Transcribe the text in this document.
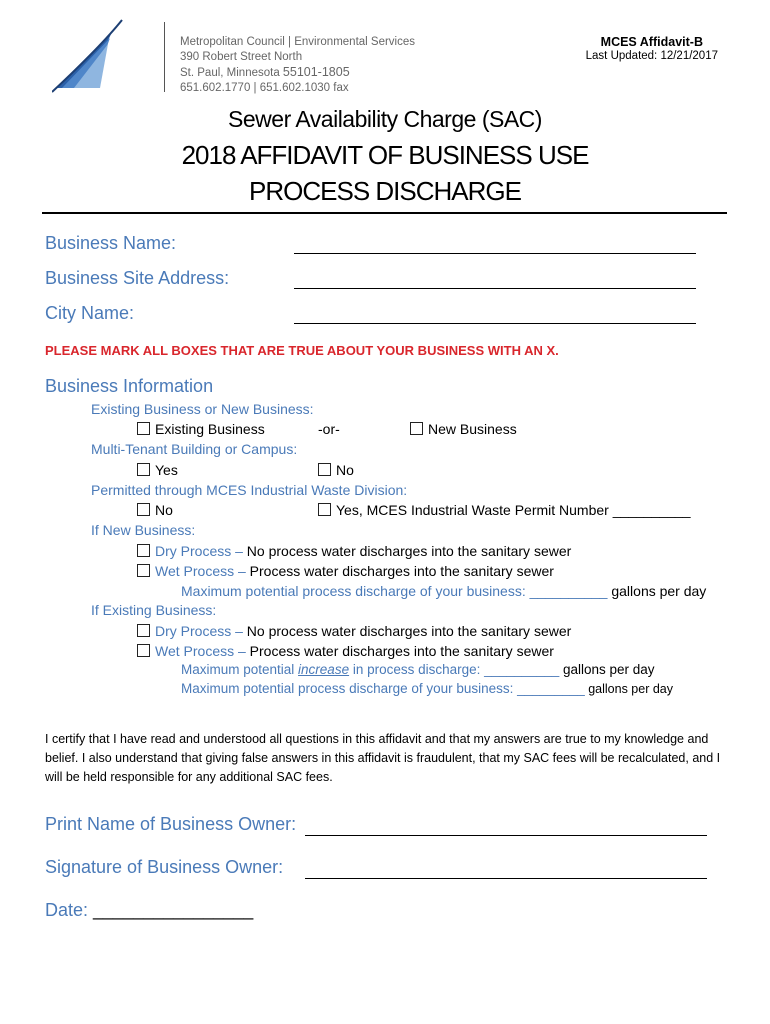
Metropolitan Council | Environmental Services
390 Robert Street North
St. Paul, Minnesota 55101-1805
651.602.1770 | 651.602.1030 fax
MCES Affidavit-B
Last Updated: 12/21/2017
Sewer Availability Charge (SAC)
2018 AFFIDAVIT OF BUSINESS USE
PROCESS DISCHARGE
Business Name:
Business Site Address:
City Name:
PLEASE MARK ALL BOXES THAT ARE TRUE ABOUT YOUR BUSINESS WITH AN X.
Business Information
Existing Business or New Business:
Existing Business	-or-	New Business
Multi-Tenant Building or Campus:
Yes	No
Permitted through MCES Industrial Waste Division:
No	Yes, MCES Industrial Waste Permit Number __________
If New Business:
Dry Process – No process water discharges into the sanitary sewer
Wet Process – Process water discharges into the sanitary sewer
Maximum potential process discharge of your business: __________ gallons per day
If Existing Business:
Dry Process – No process water discharges into the sanitary sewer
Wet Process – Process water discharges into the sanitary sewer
Maximum potential increase in process discharge: __________ gallons per day
Maximum potential process discharge of your business: _________ gallons per day
I certify that I have read and understood all questions in this affidavit and that my answers are true to my knowledge and belief. I also understand that giving false answers in this affidavit is fraudulent, that my SAC fees will be recalculated, and I will be held responsible for any additional SAC fees.
Print Name of Business Owner:
Signature of Business Owner:
Date: ________________
